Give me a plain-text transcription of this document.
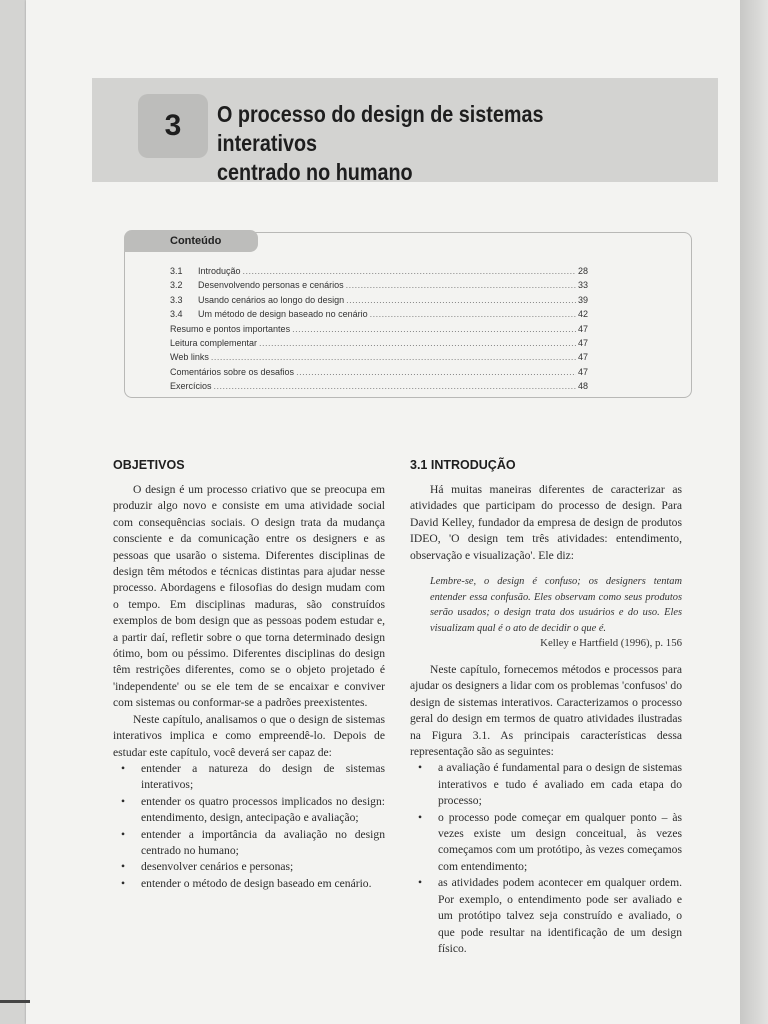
3	O processo do design de sistemas interativos
centrado no humano
Conteúdo
3.1	Introdução .....	28
3.2	Desenvolvendo personas e cenários .....	33
3.3	Usando cenários ao longo do design .....	39
3.4	Um método de design baseado no cenário .....	42
Resumo e pontos importantes .....	47
Leitura complementar .....	47
Web links .....	47
Comentários sobre os desafios .....	47
Exercícios .....	48
OBJETIVOS

O design é um processo criativo que se preocupa em produzir algo novo e consiste em uma atividade social com consequências sociais. O design trata da mudança consciente e da comunicação entre os designers e as pessoas que usarão o sistema. Diferentes disciplinas de design têm métodos e técnicas distintas para ajudar nesse processo. Abordagens e filosofias do design mudam com o tempo. Em disciplinas maduras, são construídos exemplos de bom design que as pessoas podem estudar e, a partir daí, refletir sobre o que torna determinado design ótimo, bom ou péssimo. Diferentes disciplinas do design têm restrições diferentes, como se o objeto projetado é 'independente' ou se ele tem de se encaixar e conviver com sistemas ou conformar-se a padrões preexistentes.

Neste capítulo, analisamos o que o design de sistemas interativos implica e como empreendê-lo. Depois de estudar este capítulo, você deverá ser capaz de:

• entender a natureza do design de sistemas interativos;
• entender os quatro processos implicados no design: entendimento, design, antecipação e avaliação;
• entender a importância da avaliação no design centrado no humano;
• desenvolver cenários e personas;
• entender o método de design baseado em cenário.
3.1 INTRODUÇÃO

Há muitas maneiras diferentes de caracterizar as atividades que participam do processo de design. Para David Kelley, fundador da empresa de design de produtos IDEO, 'O design tem três atividades: entendimento, observação e visualização'. Ele diz:

Lembre-se, o design é confuso; os designers tentam entender essa confusão. Eles observam como seus produtos serão usados; o design trata dos usuários e do uso. Eles visualizam qual é o ato de decidir o que é.
Kelley e Hartfield (1996), p. 156

Neste capítulo, fornecemos métodos e processos para ajudar os designers a lidar com os problemas 'confusos' do design de sistemas interativos. Caracterizamos o processo geral do design em termos de quatro atividades ilustradas na Figura 3.1. As principais características dessa representação são as seguintes:

• a avaliação é fundamental para o design de sistemas interativos e tudo é avaliado em cada etapa do processo;
• o processo pode começar em qualquer ponto – às vezes existe um design conceitual, às vezes começamos com um protótipo, às vezes começamos com entendimento;
• as atividades podem acontecer em qualquer ordem. Por exemplo, o entendimento pode ser avaliado e um protótipo talvez seja construído e avaliado, o que pode resultar na identificação de um design físico.
